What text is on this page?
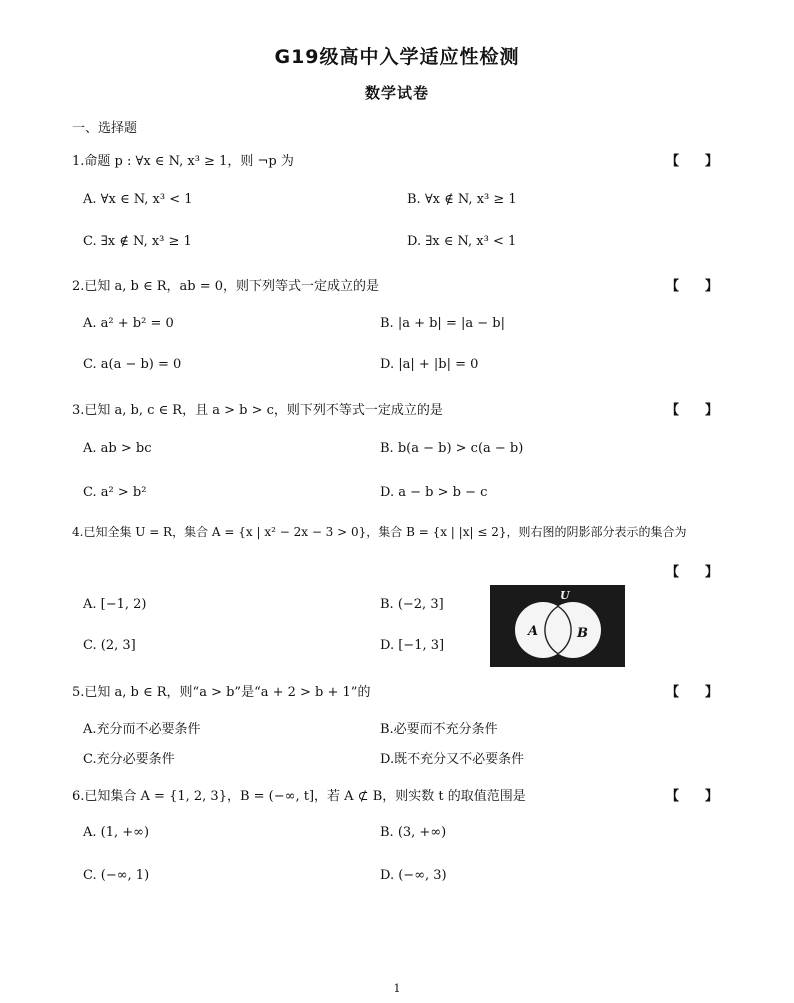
G19级高中入学适应性检测
数学试卷
一、选择题
1.命题 p : ∀x ∈ N, x³ ≥ 1，则 ¬p 为	【　　】
A. ∀x ∈ N, x³ < 1	B. ∀x ∉ N, x³ ≥ 1
C. ∃x ∉ N, x³ ≥ 1	D. ∃x ∈ N, x³ < 1
2.已知 a, b ∈ R，ab = 0，则下列等式一定成立的是	【　　】
A. a² + b² = 0	B. |a + b| = |a − b|
C. a(a − b) = 0	D. |a| + |b| = 0
3.已知 a, b, c ∈ R，且 a > b > c，则下列不等式一定成立的是	【　　】
A. ab > bc	B. b(a − b) > c(a − b)
C. a² > b²	D. a − b > b − c
4.已知全集 U = R，集合 A = {x | x² − 2x − 3 > 0}，集合 B = {x | |x| ≤ 2}，则右图的阴影部分表示的集合为
【　　】
A. [−1, 2)	B. (−2, 3]
C. (2, 3]	D. [−1, 3]
U
A	B
5.已知 a, b ∈ R，则“a > b”是“a + 2 > b + 1”的	【　　】
A.充分而不必要条件	B.必要而不充分条件
C.充分必要条件	D.既不充分又不必要条件
6.已知集合 A = {1, 2, 3}，B = (−∞, t]，若 A ⊄ B，则实数 t 的取值范围是	【　　】
A. (1, +∞)	B. (3, +∞)
C. (−∞, 1)	D. (−∞, 3)
1
